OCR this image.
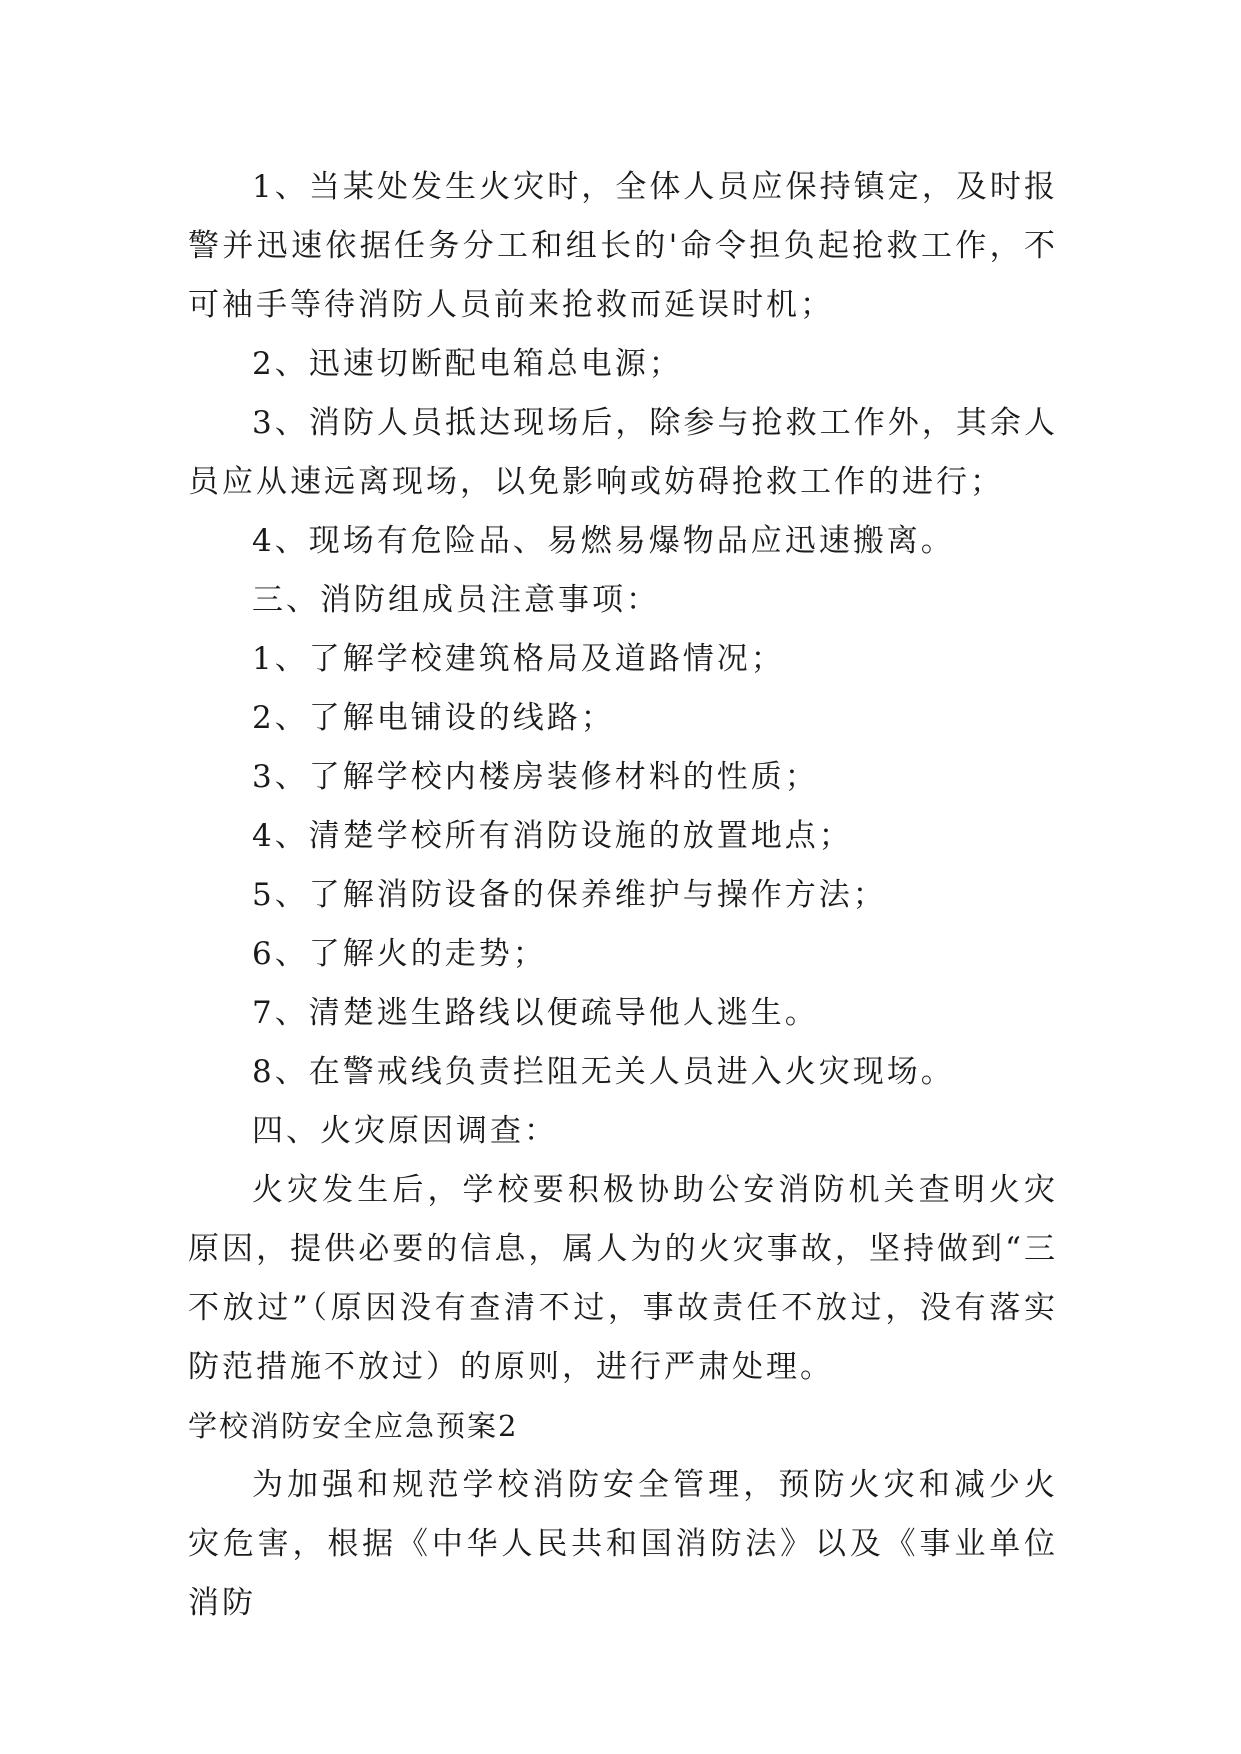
1、当某处发生火灾时，全体人员应保持镇定，及时报警并迅速依据任务分工和组长的'命令担负起抢救工作，不可袖手等待消防人员前来抢救而延误时机；

2、迅速切断配电箱总电源；

3、消防人员抵达现场后，除参与抢救工作外，其余人员应从速远离现场，以免影响或妨碍抢救工作的进行；

4、现场有危险品、易燃易爆物品应迅速搬离。

三、消防组成员注意事项：

1、了解学校建筑格局及道路情况；

2、了解电铺设的线路；

3、了解学校内楼房装修材料的性质；

4、清楚学校所有消防设施的放置地点；

5、了解消防设备的保养维护与操作方法；

6、了解火的走势；

7、清楚逃生路线以便疏导他人逃生。

8、在警戒线负责拦阻无关人员进入火灾现场。

四、火灾原因调查：

火灾发生后，学校要积极协助公安消防机关查明火灾原因，提供必要的信息，属人为的火灾事故，坚持做到“三不放过”（原因没有查清不过，事故责任不放过，没有落实防范措施不放过）的原则，进行严肃处理。

学校消防安全应急预案2

为加强和规范学校消防安全管理，预防火灾和减少火灾危害，根据《中华人民共和国消防法》以及《事业单位消防
